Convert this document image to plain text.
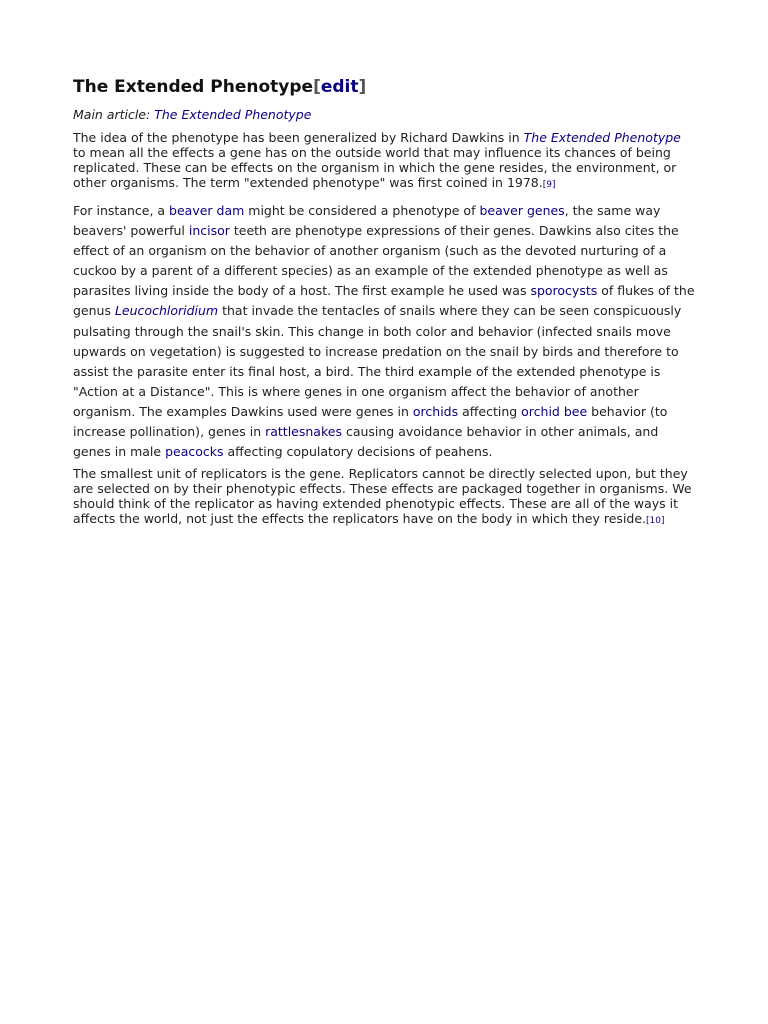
The Extended Phenotype[edit]
Main article: The Extended Phenotype

The idea of the phenotype has been generalized by Richard Dawkins in The Extended Phenotype to mean all the effects a gene has on the outside world that may influence its chances of being replicated. These can be effects on the organism in which the gene resides, the environment, or other organisms. The term "extended phenotype" was first coined in 1978.[9]

For instance, a beaver dam might be considered a phenotype of beaver genes, the same way beavers' powerful incisor teeth are phenotype expressions of their genes. Dawkins also cites the effect of an organism on the behavior of another organism (such as the devoted nurturing of a cuckoo by a parent of a different species) as an example of the extended phenotype as well as parasites living inside the body of a host. The first example he used was sporocysts of flukes of the genus Leucochloridium that invade the tentacles of snails where they can be seen conspicuously pulsating through the snail's skin. This change in both color and behavior (infected snails move upwards on vegetation) is suggested to increase predation on the snail by birds and therefore to assist the parasite enter its final host, a bird. The third example of the extended phenotype is "Action at a Distance". This is where genes in one organism affect the behavior of another organism. The examples Dawkins used were genes in orchids affecting orchid bee behavior (to increase pollination), genes in rattlesnakes causing avoidance behavior in other animals, and genes in male peacocks affecting copulatory decisions of peahens.

The smallest unit of replicators is the gene. Replicators cannot be directly selected upon, but they are selected on by their phenotypic effects. These effects are packaged together in organisms. We should think of the replicator as having extended phenotypic effects. These are all of the ways it affects the world, not just the effects the replicators have on the body in which they reside.[10]
